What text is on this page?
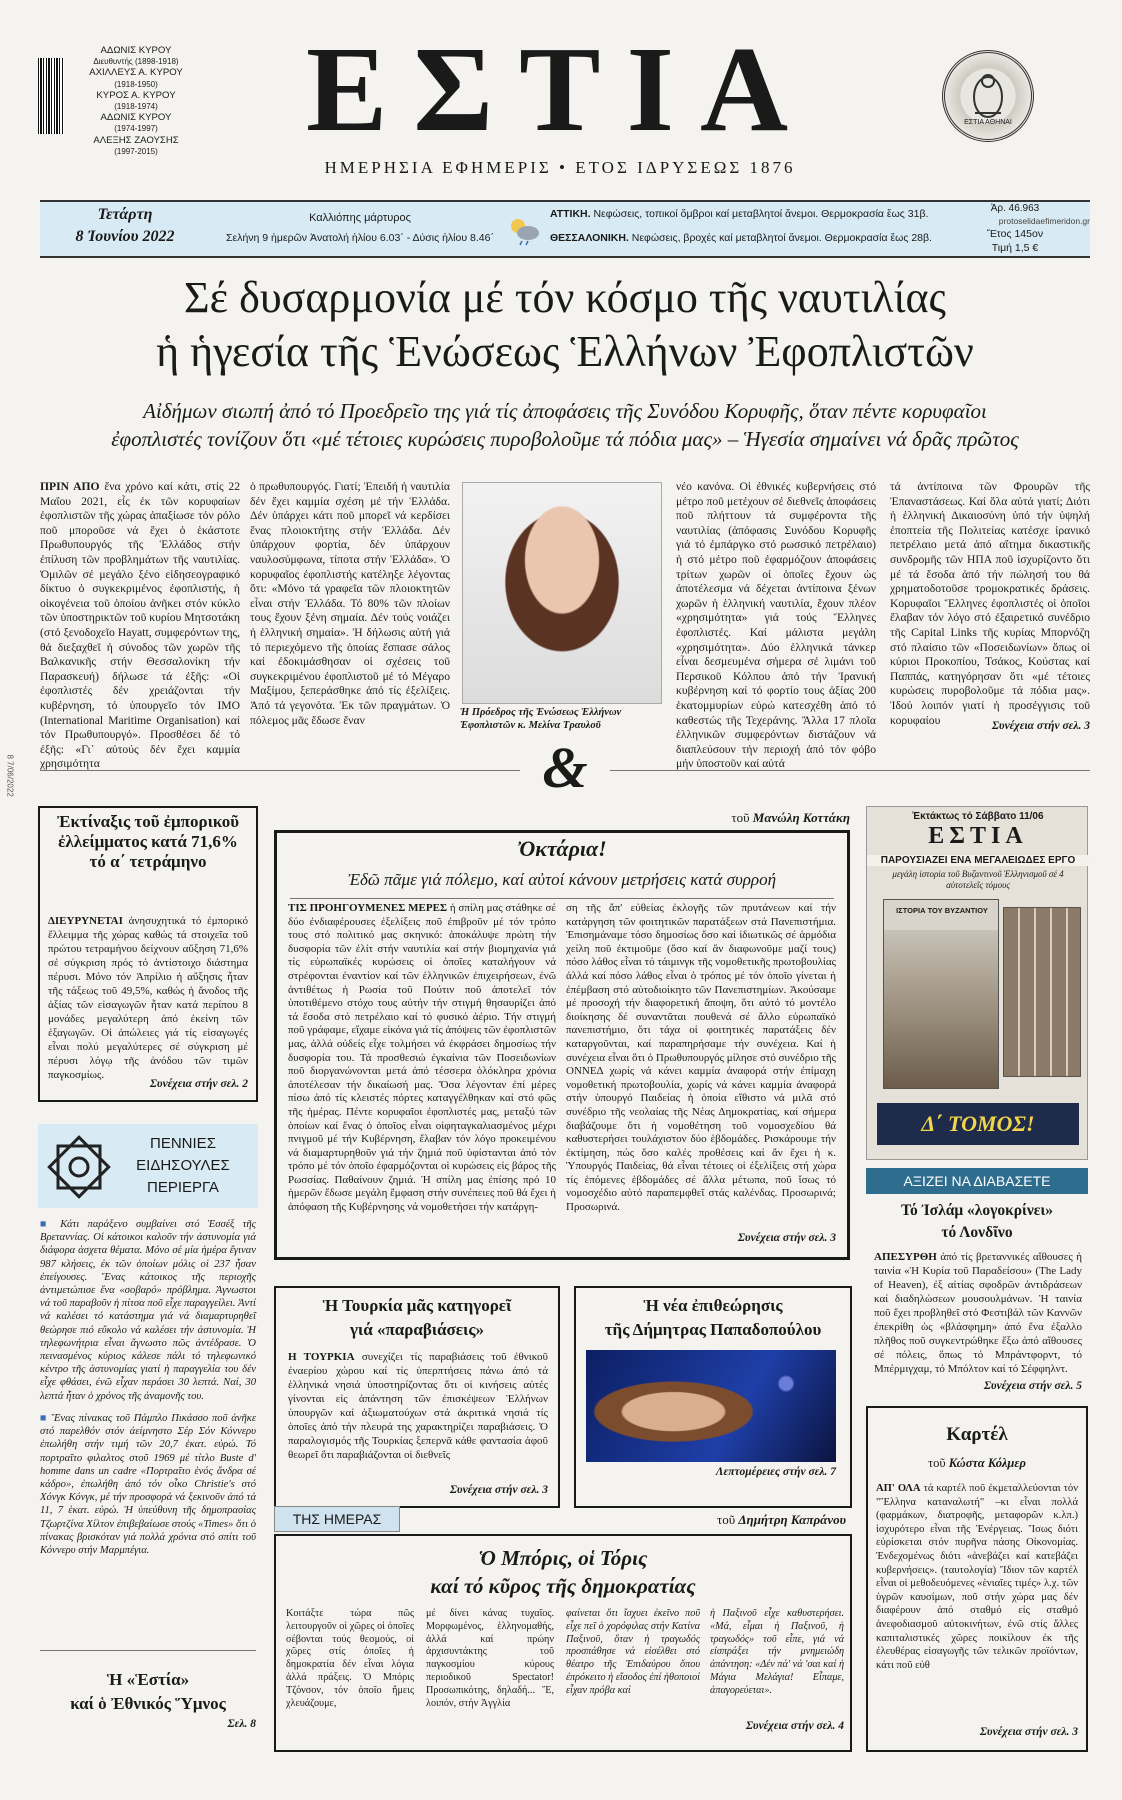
ΑΔΩΝΙΣ ΚΥΡΟΥ
Διευθυντής (1898-1918)
ΑΧΙΛΛΕΥΣ Α. ΚΥΡΟΥ
(1918-1950)
ΚΥΡΟΣ Α. ΚΥΡΟΥ
(1918-1974)
ΑΔΩΝΙΣ ΚΥΡΟΥ
(1974-1997)
ΑΛΕΞΗΣ ΖΑΟΥΣΗΣ
(1997-2015)	ΕΣΤΙΑ
ΗΜΕΡΗΣΙΑ ΕΦΗΜΕΡΙΣ • ΕΤΟΣ ΙΔΡΥΣΕΩΣ 1876
ΕΣΤΙΑ ΑΘΗΝΑΙ
Τετάρτη
8 Ἰουνίου 2022
Καλλιόπης μάρτυρος
Σελήνη 9 ἡμερῶν Ἀνατολή ἡλίου 6.03΄ - Δύσις ἡλίου 8.46΄
ΑΤΤΙΚΗ. Νεφώσεις, τοπικοί ὄμβροι καί μεταβλητοί ἄνεμοι. Θερμοκρασία ἕως 31β.
ΘΕΣΣΑΛΟΝΙΚΗ. Νεφώσεις, βροχές καί μεταβλητοί ἄνεμοι. Θερμοκρασία ἕως 28β.
Ἀρ. 46.963
protoselidaefimeridon.gr
Ἔτος 145ον
Τιμή 1,5 €
Σέ δυσαρμονία μέ τόν κόσμο τῆς ναυτιλίας
ἡ ἡγεσία τῆς Ἑνώσεως Ἑλλήνων Ἐφοπλιστῶν
Αἰδήμων σιωπή ἀπό τό Προεδρεῖο της γιά τίς ἀποφάσεις τῆς Συνόδου Κορυφῆς, ὅταν πέντε κορυφαῖοι
ἐφοπλιστές τονίζουν ὅτι «μέ τέτοιες κυρώσεις πυροβολοῦμε τά πόδια μας» – Ἡγεσία σημαίνει νά δρᾶς πρῶτος
ΠΡΙΝ ΑΠΟ ἕνα χρόνο καί κάτι, στίς 22 Μαΐου 2021, εἷς ἐκ τῶν κορυφαίων ἐφοπλιστῶν τῆς χώρας ἀπαξίωσε τόν ρόλο ποῦ μποροῦσε νά ἔχει ὁ ἑκάστοτε Πρωθυπουργός τῆς Ἑλλάδος στήν ἐπίλυση τῶν προβλημάτων τῆς ναυτιλίας. Ὁμιλῶν σέ μεγάλο ξένο εἰδησεογραφικό δίκτυο ὁ συγκεκριμένος ἐφοπλιστής, ἡ οἰκογένεια τοῦ ὁποίου ἀνῆκει στόν κύκλο τῶν ὑποστηρικτῶν τοῦ κυρίου Μητσοτάκη (στό ξενοδοχεῖο Hayatt, συμφερόντων της, θά διεξαχθεῖ ἡ σύνοδος τῶν χωρῶν τῆς Βαλκανικῆς στήν Θεσσαλονίκη τήν Παρασκευή) δήλωσε τά ἐξῆς: «Οἱ ἐφοπλιστές δέν χρειάζονται τήν κυβέρνηση, τό ὑπουργεῖο τόν IMO (International Maritime Organisation) καί τόν Πρωθυπουργό». Προσθέσει δέ τό ἐξῆς: «Γι᾽ αὐτούς δέν ἔχει καμμία χρησιμότητα
ὁ πρωθυπουργός. Γιατί; Ἐπειδή ἡ ναυτιλία δέν ἔχει καμμία σχέση μέ τήν Ἑλλάδα. Δέν ὑπάρχει κάτι ποῦ μπορεῖ νά κερδίσει ἕνας πλοιοκτήτης στήν Ἑλλάδα. Δέν ὑπάρχουν φορτία, δέν ὑπάρχουν ναυλοσύμφωνα, τίποτα στήν Ἑλλάδα». Ὁ κορυφαῖος ἐφοπλιστής κατέληξε λέγοντας ὅτι: «Μόνο τά γραφεῖα τῶν πλοιοκτητῶν εἶναι στήν Ἑλλάδα. Τό 80% τῶν πλοίων τους ἔχουν ξένη σημαία. Δέν τούς νοιάζει ἡ ἑλληνική σημαία». Ἡ δήλωσις αὐτή γιά τό περιεχόμενο τῆς ὁποίας ἔσπασε σάλος καί ἐδοκιμάσθησαν οἱ σχέσεις τοῦ συγκεκριμένου ἐφοπλιστοῦ μέ τό Μέγαρο Μαξίμου, ξεπεράσθηκε ἀπό τίς ἐξελίξεις. Ἀπό τά γεγονότα. Ἐκ τῶν πραγμάτων. Ὁ πόλεμος μᾶς ἔδωσε ἕναν
Ἡ Πρόεδρος τῆς Ἑνώσεως Ἑλλήνων Ἐφοπλιστῶν κ. Μελίνα Τραυλοῦ
νέο κανόνα. Οἱ ἐθνικές κυβερνήσεις στό μέτρο ποῦ μετέχουν σέ διεθνεῖς ἀποφάσεις ποῦ πλήττουν τά συμφέροντα τῆς ναυτιλίας (ἀπόφασις Συνόδου Κορυφῆς γιά τό ἐμπάργκο στό ρωσσικό πετρέλαιο) ἡ στό μέτρο ποῦ ἐφαρμόζουν ἀποφάσεις τρίτων χωρῶν οἱ ὁποῖες ἔχουν ὡς ἀποτέλεσμα νά δέχεται ἀντίποινα ξένων χωρῶν ἡ ἑλληνική ναυτιλία, ἔχουν πλέον «χρησιμότητα» γιά τούς Ἕλληνες ἐφοπλιστές. Καί μάλιστα μεγάλη «χρησιμότητα». Δύο ἑλληνικά τάνκερ εἶναι δεσμευμένα σήμερα σέ λιμάνι τοῦ Περσικοῦ Κόλπου ἀπό τήν Ἰρανική κυβέρνηση καί τό φορτίο τους ἀξίας 200 ἑκατομμυρίων εὐρώ κατεσχέθη ἀπό τό καθεστώς τῆς Τεχεράνης. Ἄλλα 17 πλοῖα ἑλληνικῶν συμφερόντων διστάζουν νά διαπλεύσουν τήν περιοχή ἀπό τόν φόβο μήν ὑποστοῦν καί αὐτά
τά ἀντίποινα τῶν Φρουρῶν τῆς Ἐπαναστάσεως. Καί ὅλα αὐτά γιατί; Διότι ἡ ἑλληνική Δικαιοσύνη ὑπό τήν ὑψηλή ἐποπτεία τῆς Πολιτείας κατέσχε ἰρανικό πετρέλαιο μετά ἀπό αἴτημα δικαστικῆς συνδρομῆς τῶν ΗΠΑ ποῦ ἰσχυρίζοντο ὅτι μέ τά ἔσοδα ἀπό τήν πώλησή του θά χρηματοδοτοῦσε τρομοκρατικές δράσεις. Κορυφαῖοι Ἕλληνες ἐφοπλιστές οἱ ὁποῖοι ἔλαβαν τόν λόγο στό ἐξαιρετικό συνέδριο τῆς Capital Links τῆς κυρίας Μπορνόζη στό πλαίσιο τῶν «Ποσειδωνίων» ὅπως οἱ κύριοι Προκοπίου, Τσάκος, Κούστας καί Παππάς, κατηγόρησαν ὅτι «μέ τέτοιες κυρώσεις πυροβολοῦμε τά πόδια μας». Ἰδού λοιπόν γιατί ἡ προσέγγισις τοῦ κορυφαίου	Συνέχεια στήν σελ. 3
&
Ἐκτίναξις τοῦ ἐμπορικοῦ ἐλλείμματος κατά 71,6% τό α΄ τετράμηνο
ΔΙΕΥΡΥΝΕΤΑΙ ἀνησυχητικά τό ἐμπορικό ἔλλειμμα τῆς χώρας καθώς τά στοιχεῖα τοῦ πρώτου τετραμήνου δείχνουν αὔξηση 71,6% σέ σύγκριση πρός τό ἀντίστοιχο διάστημα πέρυσι. Μόνο τόν Ἀπρίλιο ἡ αὔξησις ἦταν τῆς τάξεως τοῦ 49,5%, καθώς ἡ ἄνοδος τῆς ἀξίας τῶν εἰσαγωγῶν ἦταν κατά περίπου 8 μονάδες μεγαλύτερη ἀπό ἐκείνη τῶν ἐξαγωγῶν. Οἱ ἀπώλειες γιά τίς εἰσαγωγές εἶναι πολύ μεγαλύτερες σέ σύγκριση μέ πέρυσι λόγῳ τῆς ἀνόδου τῶν τιμῶν παγκοσμίως.
Συνέχεια στήν σελ. 2
ΠΕΝΝΙΕΣ
ΕΙΔΗΣΟΥΛΕΣ
ΠΕΡΙΕΡΓΑ
■ Κάτι παράξενο συμβαίνει στό Ἐσσέξ τῆς Βρεταννίας. Οἱ κάτοικοι καλοῦν τήν ἀστυνομία γιά διάφορα ἀσχετα θέματα. Μόνο σέ μία ἡμέρα ἔγιναν 987 κλήσεις, ἐκ τῶν ὁποίων μόλις οἱ 237 ἦσαν ἐπείγουσες. Ἕνας κάτοικος τῆς περιοχῆς ἀντιμετώπισε ἕνα «σοβαρό» πρόβλημα. Ἀγνωστοι νά τοῦ παραβοῦν ἡ πίτσα ποῦ εἶχε παραγγείλει. Ἀντί νά καλέσει τό κατάστημα γιά νά διαμαρτυρηθεῖ θεώρησε πιό εὔκολο νά καλέσει τήν ἀστυνομία. Ἡ τηλεφωνήτρια εἶναι ἄγνωστο πῶς ἀντέδρασε. Ὁ πεινασμένος κύριος κάλεσε πάλι τό τηλεφωνικό κέντρο τῆς ἀστυνομίας γιατί ἡ παραγγελία του δέν εἶχε φθάσει, ἐνῶ εἶχαν περάσει 30 λεπτά. Ναί, 30 λεπτά ἦταν ὁ χρόνος τῆς ἀναμονῆς του.
■ Ἕνας πίνακας τοῦ Πάμπλο Πικάσσο ποῦ ἀνῆκε στό παρελθόν στόν ἀείμνηστο Σέρ Σόν Κόννερυ ἐπωλήθη στήν τιμή τῶν 20,7 ἑκατ. εὐρώ. Τό πορτραῖτο φιλαλτος στοῦ 1969 μέ τίτλο Buste d' homme dans un cadre «Πορτραῖτο ἑνός ἄνδρα σέ κάδρο», ἐπωλήθη ἀπό τόν οἶκο Christie's στό Χόνγκ Κόνγκ, μέ τήν προσφορά νά ξεκινοῦν ἀπό τά 11, 7 ἑκατ. εὐρώ. Ἡ ὑπεύθυνη τῆς δημοπρασίας Τζωρτζίνα Χίλτον ἐπιβεβαίωσε στούς «Times» ὅτι ὁ πίνακας βρισκόταν γιά πολλά χρόνια στό σπίτι τοῦ Κόννερυ στήν Μαρμπέγια.
Ἡ «Ἑστία»
καί ὁ Ἐθνικός Ὕμνος
Σελ. 8
τοῦ Μανώλη Κοττάκη
Ὀκτάρια!
Ἐδῶ πᾶμε γιά πόλεμο, καί αὐτοί κάνουν μετρήσεις κατά συρροή
ΤΙΣ ΠΡΟΗΓΟΥΜΕΝΕΣ ΜΕΡΕΣ ἡ σπίλη μας στάθηκε σέ δύο ἐνδιαφέρουσες ἐξελίξεις ποῦ ἐπιβροῦν μέ τόν τρόπο τους στό πολιτικό μας σκηνικό: ἀποκάλυψε πρώτη τήν δυσφορία τῶν ἐλίτ στήν ναυτιλία καί στήν βιομηχανία γιά τίς εὐρωπαϊκές κυρώσεις οἱ ὁποῖες καταλήγουν νά στρέφονται ἐναντίον καί τῶν ἑλληνικῶν ἐπιχειρήσεων, ἐνῶ ἀντιθέτως ἡ Ρωσία τοῦ Πούτιν ποῦ ἀποτελεῖ τόν ὑποτιθέμενο στόχο τους αὐτήν τήν στιγμή θησαυρίζει ἀπό τά ἔσοδα στό πετρέλαιο καί τό φυσικό ἀέριο. Τήν στιγμή ποῦ γράφαμε, εἴχαμε εἰκόνα γιά τίς ἀπόψεις τῶν ἐφοπλιστῶν μας, ἀλλά οὐδείς εἶχε τολμήσει νά ἐκφράσει δημοσίως τήν δυσφορία του. Τά προσθεσιώ ἐγκαίνια τῶν Ποσειδωνίων ποῦ διοργανώνονται μετά ἀπό τέσσερα ὁλόκληρα χρόνια ἀποτέλεσαν τήν δικαίωσή μας. Ὅσα λέγονταν ἐπί μέρες πίσω ἀπό τίς κλειστές πόρτες καταγγέλθηκαν καί στό φῶς τῆς ἡμέρας. Πέντε κορυφαῖοι ἐφοπλιστές μας, μεταξύ τῶν ὁποίων καί ἕνας ὁ ὁποῖος εἶναι οἰφηταγκαλιασμένος μέχρι πνιγμοῦ μέ τήν Κυβέρνηση, ἔλαβαν τόν λόγο προκειμένου νά διαμαρτυρηθοῦν γιά τήν ζημιά ποῦ ὑφίστανται ἀπό τόν τρόπο μέ τόν ὁποῖο ἐφαρμόζονται οἱ κυρώσεις εἰς βάρος τῆς Ρωσσίας. Παθαίνουν ζημιά. Ἡ σπίλη μας ἐπίσης πρό 10 ἡμερῶν ἔδωσε μεγάλη ἔμφαση στήν συνέπειες ποῦ θά ἔχει ἡ ἀπόφαση τῆς Κυβέρνησης νά νομοθετήσει τήν κατάργη-
ση τῆς ἄπ' εὐθείας ἐκλογῆς τῶν πρυτάνεων καί τήν κατάργηση τῶν φοιτητικῶν παρατάξεων στά Πανεπιστήμια. Ἐπισημάναμε τόσο δημοσίως ὅσο καί ἰδιωτικῶς σέ ἁρμόδια χείλη ποῦ ἐκτιμοῦμε (ὅσο καί ἄν διαφωνοῦμε μαζί τους) πόσο λάθος εἶναι τό τάιμινγκ τῆς νομοθετικῆς πρωτοβουλίας ἀλλά καί πόσο λάθος εἶναι ὁ τρόπος μέ τόν ὁποῖο γίνεται ἡ ἐπέμβαση στό αὐτοδιοίκητο τῶν Πανεπιστημίων. Ἀκούσαμε μέ προσοχή τήν διαφορετική ἄποψη, ὅτι αὐτό τό μοντέλο διοίκησης δέ συναντᾶται πουθενά σέ ἄλλο εὐρωπαϊκό πανεπιστήμιο, ὅτι τάχα οἱ φοιτητικές παρατάξεις δέν καταργοῦνται, καί παραπηρήσαμε τήν συνέχεια. Καί ἡ συνέχεια εἶναι ὅτι ὁ Πρωθυπουργός μίλησε στό συνέδριο τῆς ΟΝΝΕΔ χωρίς νά κάνει καμμία ἀναφορά στήν ἐπίμαχη νομοθετική πρωτοβουλία, χωρίς νά κάνει καμμία ἀναφορά στήν ὑπουργό Παιδείας ἡ ὁποία εἴθιστο νά μιλᾶ στό συνέδριο τῆς νεολαίας τῆς Νέας Δημοκρατίας, καί σήμερα διαβάζουμε ὅτι ἡ νομοθέτηση τοῦ νομοσχεδίου θά καθυστερήσει τουλάχιστον δύο ἑβδομάδες. Ρισκάρουμε τήν ἐκτίμηση, πώς ὅσο καλές προθέσεις καί ἄν ἔχει ἡ κ. Ὑπουργός Παιδείας, θά εἶναι τέτοιες οἱ ἐξελίξεις στή χώρα τίς ἑπόμενες ἑβδομάδες σέ ἄλλα μέτωπα, ποῦ ἴσως τό νομοσχέδιο αὐτό παραπεμφθεῖ στάς καλένδας. Προσωρινά; Προσωρινά.
Συνέχεια στήν σελ. 3
Ἐκτάκτως τό Σάββατο 11/06
ΕΣΤΙΑ
ΠΑΡΟΥΣΙΑΖΕΙ ΕΝΑ ΜΕΓΑΛΕΙΩΔΕΣ ΕΡΓΟ
μεγάλη ἱστορία τοῦ Βυζαντινοῦ Ἑλληνισμοῦ σέ 4 αὐτοτελεῖς τόμους
ΙΣΤΟΡΙΑ ΤΟΥ ΒΥΖΑΝΤΙΟΥ
Δ΄ ΤΟΜΟΣ!
Ἡ Τουρκία μᾶς κατηγορεῖ
γιά «παραβιάσεις»
Η ΤΟΥΡΚΙΑ συνεχίζει τίς παραβιάσεις τοῦ ἐθνικοῦ ἐναερίου χώρου καί τίς ὑπερπτήσεις πάνω ἀπό τά ἑλληνικά νησιά ὑποστηρίζοντας ὅτι οἱ κινήσεις αὐτές γίνονται εἰς ἀπάντηση τῶν ἐπισκέψεων Ἑλλήνων ὑπουργῶν καί ἀξιωματούχων στά ἀκριτικά νησιά τίς ὁποῖες ἀπό τήν πλευρά της χαρακτηρίζει παραβιάσεις. Ὁ παραλογισμός τῆς Τουρκίας ξεπερνᾶ κάθε φαντασία ἀφοῦ θεωρεῖ ὅτι παραβιάζονται οἱ διεθνεῖς
Συνέχεια στήν σελ. 3
Ἡ νέα ἐπιθεώρησις
τῆς Δήμητρας Παπαδοπούλου
Λεπτομέρειες στήν σελ. 7
ΤΗΣ ΗΜΕΡΑΣ	τοῦ Δημήτρη Καπράνου
Ὁ Μπόρις, οἱ Τόρις
καί τό κῦρος τῆς δημοκρατίας
Κοιτάξτε τώρα πῶς λειτουργοῦν οἱ χῶρες οἱ ὁποῖες σέβονται τούς θεσμούς, οἱ χῶρες στίς ὁποῖες ἡ δημοκρατία δέν εἶναι λόγια ἀλλά πράξεις. Ὁ Μπόρις Τζόνσον, τόν ὁποῖο ἤμεις χλευάζουμε,
μέ δίνει κάνας τυχαῖος. Μορφωμένος, ἑλληνομαθής, ἀλλά καί πρώην ἀρχισυντάκτης τοῦ παγκοσμίου κύρους περιοδικοῦ Spectator! Προσωπικότης, δηλαδή... Ἔ, λοιπόν, στήν Ἀγγλία
φαίνεται ὅτι ἴσχυει ἐκεῖνο ποῦ εἶχε πεῖ ὁ χορόφιλας στήν Κατίνα Παξινοῦ, ὅταν ἡ τραγωδός προσπάθησε νά εἰσέλθει στό θέατρο τῆς Ἐπιδαύρου ὅπου ἐπρόκειτο ἡ εἴσοδος ἐπί ἡθοποιοί εἶχαν πρόβα καί
ἡ Παξινοῦ εἶχε καθυστερήσει. «Μά, εἶμαι ἡ Παξινοῦ, ἡ τραγωδός» τοῦ εἶπε, γιά νά εἰσπράξει τήν μνημειώδη ἀπάντηση: «Δέν πά' νά 'σαι καί ἡ Μάγια Μελάγια! Εἶπαμε, ἀπαγορεύεται».
Συνέχεια στήν σελ. 4
ΑΞΙΖΕΙ ΝΑ ΔΙΑΒΑΣΕΤΕ
Τό Ἰσλάμ «λογοκρίνει»
τό Λονδῖνο
ΑΠΕΣΥΡΘΗ ἀπό τίς βρεταννικές αἴθουσες ἡ ταινία «Ἡ Κυρία τοῦ Παραδείσου» (The Lady of Heaven), ἐξ αἰτίας σφοδρῶν ἀντιδράσεων καί διαδηλώσεων μουσουλμάνων. Ἡ ταινία ποῦ ἔχει προβληθεῖ στό Φεστιβάλ τῶν Καννῶν ἐπεκρίθη ὡς «βλάσφημη» ἀπό ἕνα ἐξαλλο πλῆθος ποῦ συγκεντρώθηκε ἔξω ἀπό αἴθουσες σέ πόλεις, ὅπως τό Μπράντφορντ, τό Μπέρμιγχαμ, τό Μπόλτον καί τό Σέφφηλντ.
Συνέχεια στήν σελ. 5
Καρτέλ
τοῦ Κώστα Κόλμερ
ΑΠ' ΟΛΑ τά καρτέλ ποῦ ἐκμεταλλεύονται τόν "Ἕλληνα καταναλωτή" –κι εἶναι πολλά (φαρμάκων, διατροφῆς, μεταφορῶν κ.λπ.) ἰσχυρότερο εἶναι τῆς Ἐνέργειας. Ἴσως διότι εὐρίσκεται στόν πυρῆνα πάσης Οἰκονομίας. Ἐνδεχομένως διότι «ἀνεβάζει καί κατεβάζει κυβερνήσεις». (ταυτολογία) Ἴδιον τῶν καρτέλ εἶναι οἱ μεθοδευόμενες «ἑνιαῖες τιμές» λ.χ. τῶν ὑγρῶν καυσίμων, ποῦ στήν χώρα μας δέν διαφέρουν ἀπό σταθμό εἰς σταθμό ἀνεφοδιασμοῦ αὐτοκινήτων, ἐνῶ στίς ἄλλες καπιταλιστικές χῶρες ποικίλουν ἐκ τῆς ἐλευθέρας εἰσαγωγῆς τῶν τελικῶν προϊόντων, κάτι ποῦ εὐθ
Συνέχεια στήν σελ. 3
8 7/06/2022
